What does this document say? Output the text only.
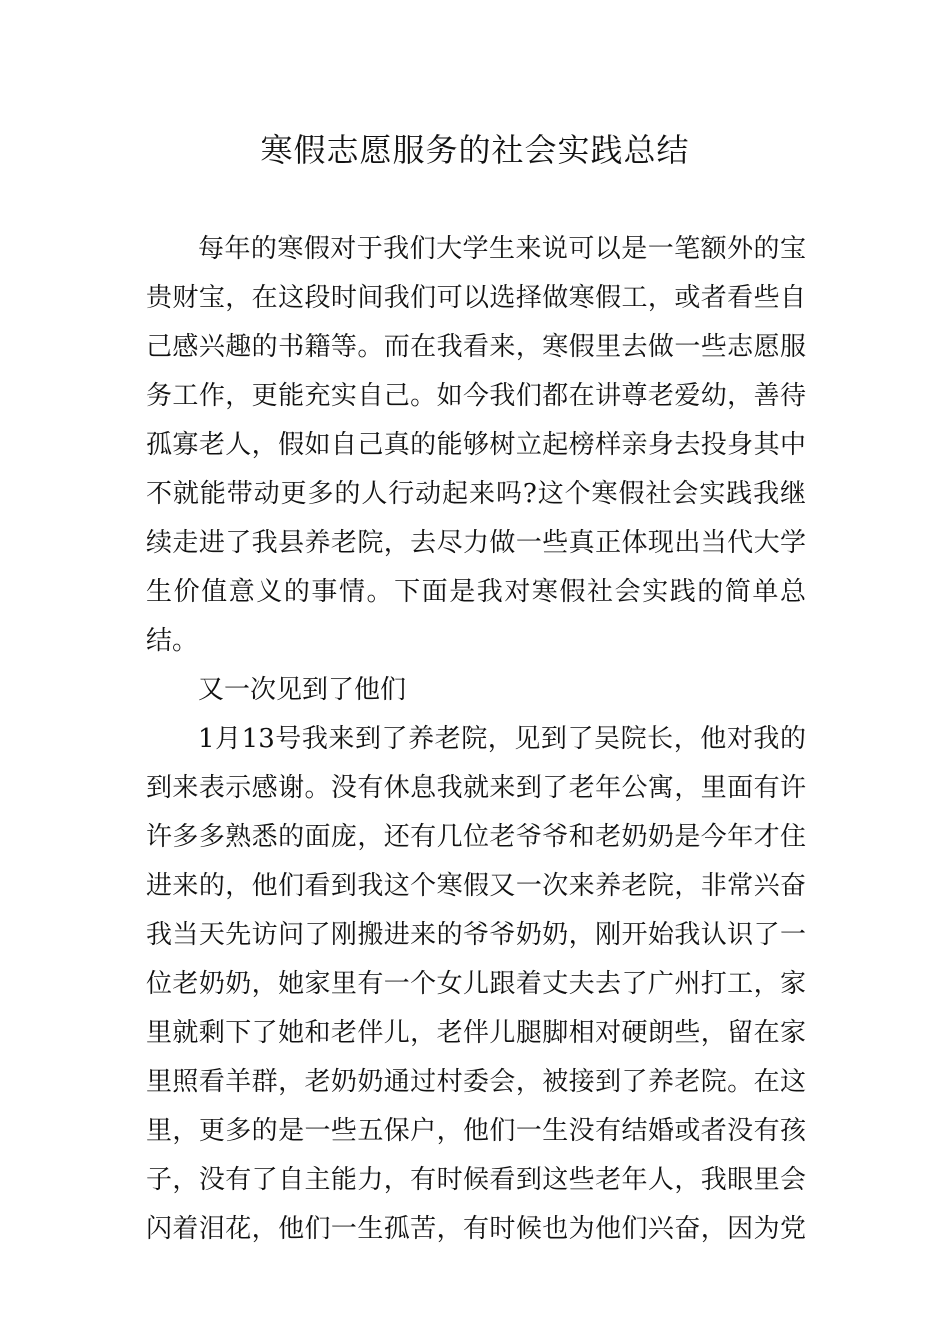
寒假志愿服务的社会实践总结

每年的寒假对于我们大学生来说可以是一笔额外的宝贵财宝，在这段时间我们可以选择做寒假工，或者看些自己感兴趣的书籍等。而在我看来，寒假里去做一些志愿服务工作，更能充实自己。如今我们都在讲尊老爱幼，善待孤寡老人，假如自己真的能够树立起榜样亲身去投身其中不就能带动更多的人行动起来吗?这个寒假社会实践我继续走进了我县养老院，去尽力做一些真正体现出当代大学生价值意义的事情。下面是我对寒假社会实践的简单总结。

又一次见到了他们

1月13号我来到了养老院，见到了吴院长，他对我的到来表示感谢。没有休息我就来到了老年公寓，里面有许许多多熟悉的面庞，还有几位老爷爷和老奶奶是今年才住进来的，他们看到我这个寒假又一次来养老院，非常兴奋我当天先访问了刚搬进来的爷爷奶奶，刚开始我认识了一位老奶奶，她家里有一个女儿跟着丈夫去了广州打工，家里就剩下了她和老伴儿，老伴儿腿脚相对硬朗些，留在家里照看羊群，老奶奶通过村委会，被接到了养老院。在这里，更多的是一些五保户，他们一生没有结婚或者没有孩子，没有了自主能力，有时候看到这些老年人，我眼里会闪着泪花，他们一生孤苦，有时候也为他们兴奋，因为党
